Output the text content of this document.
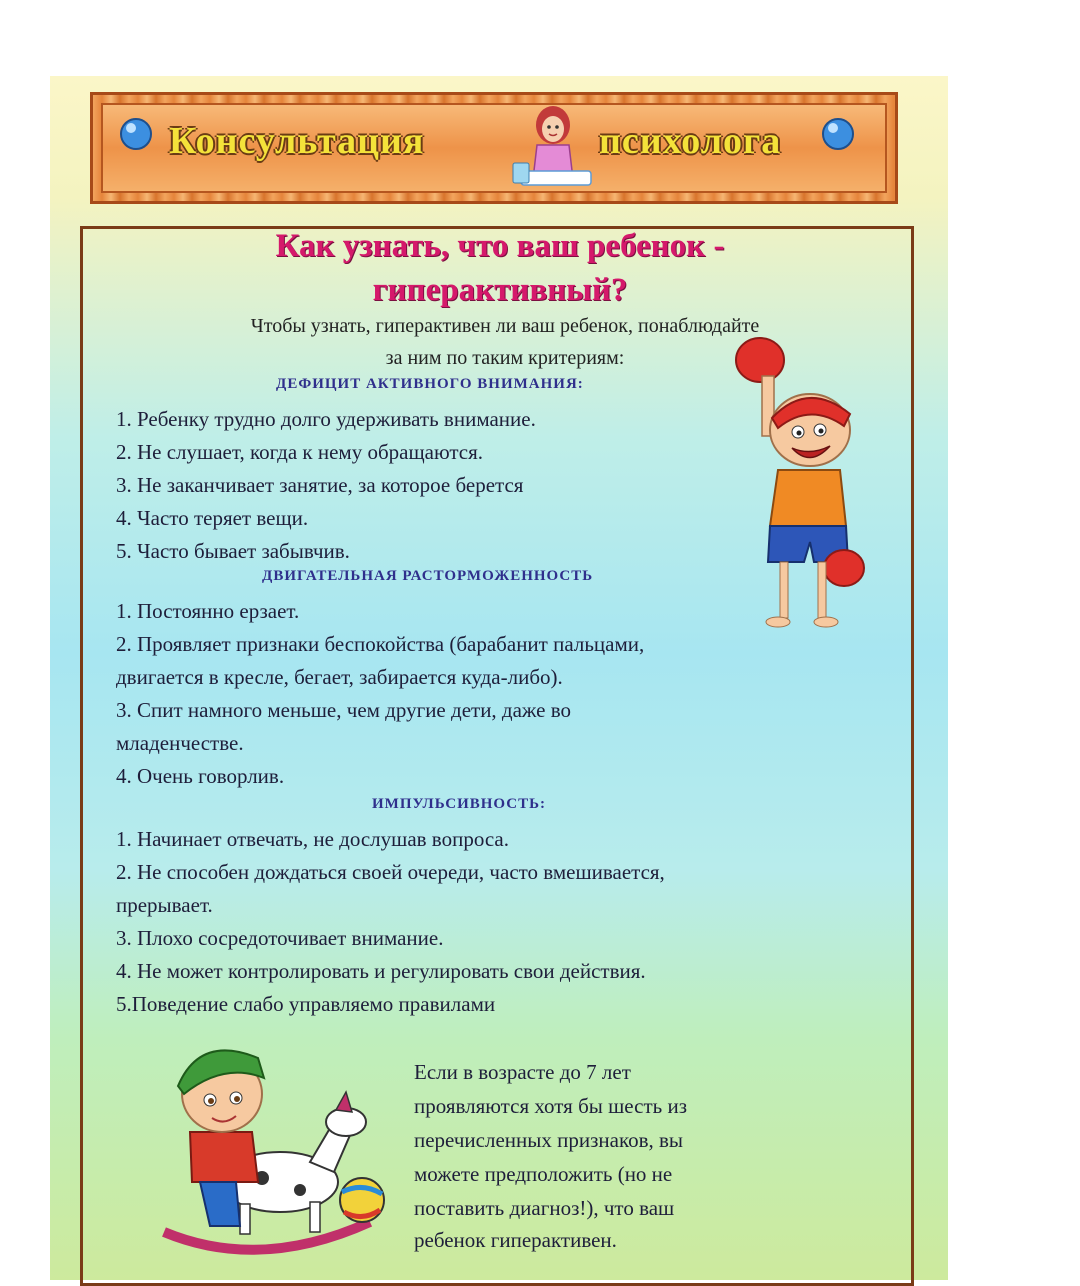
Консультация	психолога
Как узнать, что ваш ребенок -
гиперактивный?
Чтобы узнать, гиперактивен ли ваш ребенок, понаблюдайте
за ним по таким критериям:
ДЕФИЦИТ АКТИВНОГО ВНИМАНИЯ:
1. Ребенку трудно долго удерживать внимание.
2. Не слушает, когда к нему обращаются.
3. Не заканчивает занятие, за которое берется
4. Часто теряет вещи.
5. Часто бывает забывчив.
ДВИГАТЕЛЬНАЯ РАСТОРМОЖЕННОСТЬ
1. Постоянно ерзает.
2. Проявляет признаки беспокойства (барабанит пальцами,
двигается в кресле, бегает, забирается куда-либо).
3. Спит намного меньше, чем другие дети, даже во
младенчестве.
4. Очень говорлив.
ИМПУЛЬСИВНОСТЬ:
1. Начинает отвечать, не дослушав вопроса.
2. Не способен дождаться своей очереди, часто вмешивается,
прерывает.
3. Плохо сосредоточивает внимание.
4. Не может контролировать и регулировать свои действия.
5.Поведение слабо управляемо правилами
Если в возрасте до 7 лет
проявляются хотя бы шесть из
перечисленных признаков, вы
можете предположить (но не
поставить диагноз!), что ваш
ребенок гиперактивен.
